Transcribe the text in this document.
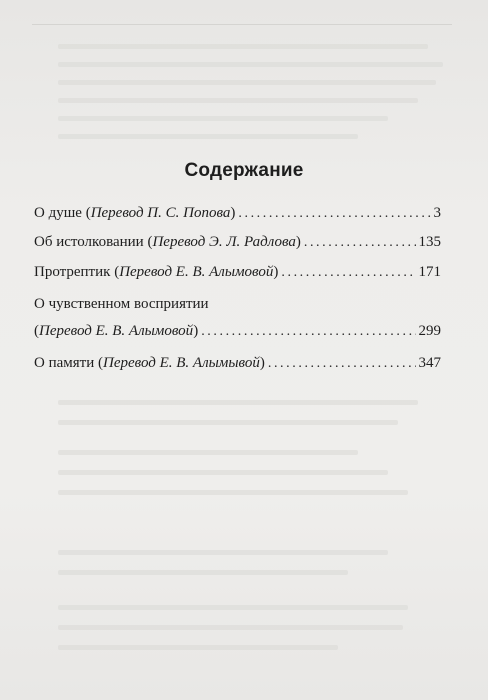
Содержание
О душе
( Перевод П. С. Попова ) .....	3
Об истолковании
( Перевод Э. Л. Радлова ) .....	135
Протрептик
( Перевод Е. В. Алымовой ) .....	171
О чувственном восприятии
( Перевод Е. В. Алымовой ) .....	299
О памяти
( Перевод Е. В. Алымывой ) .....	347
